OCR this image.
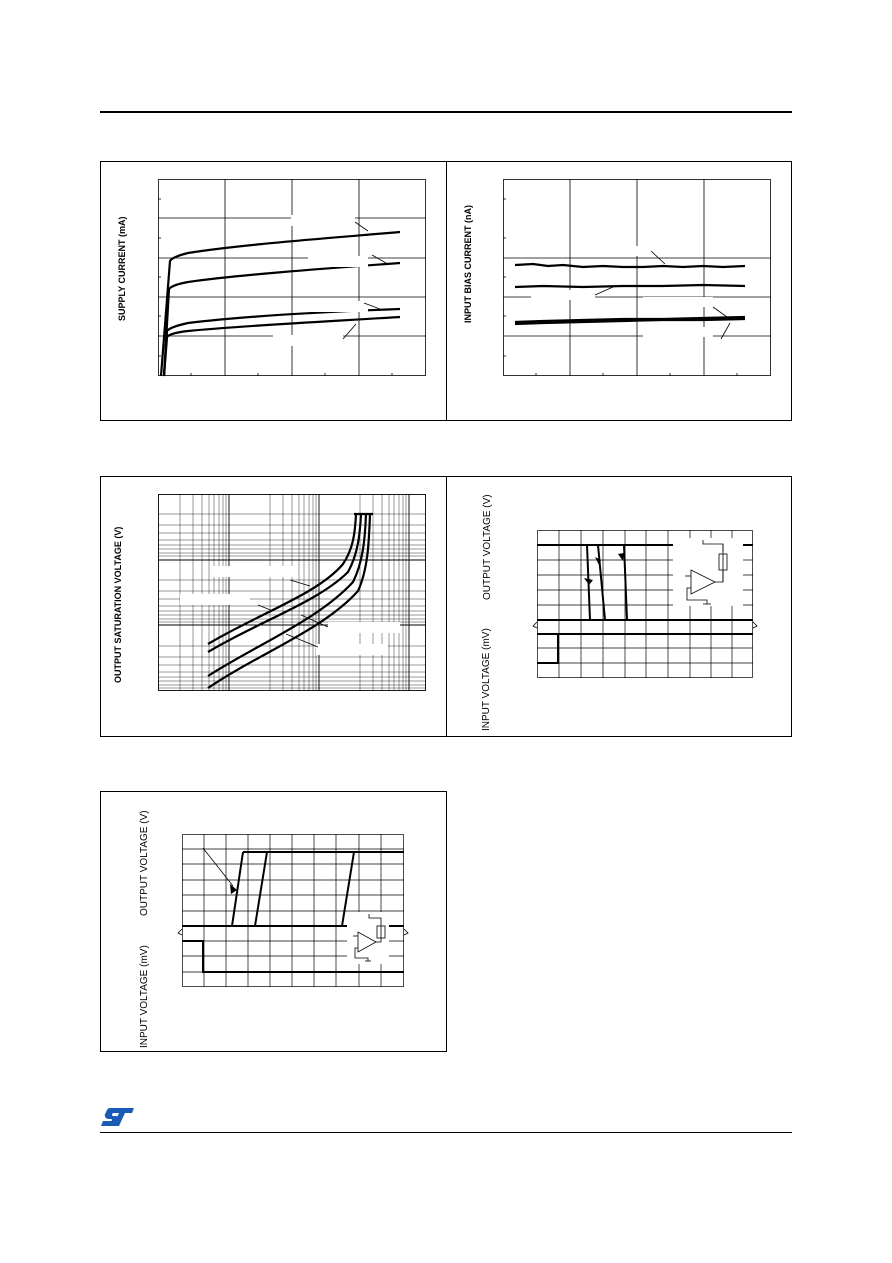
SUPPLY CURRENT (mA)	INPUT BIAS CURRENT (nA)
OUTPUT SATURATION VOLTAGE (V)	OUTPUT VOLTAGE (V)
INPUT VOLTAGE (mV)
OUTPUT VOLTAGE (V)
INPUT VOLTAGE (mV)
